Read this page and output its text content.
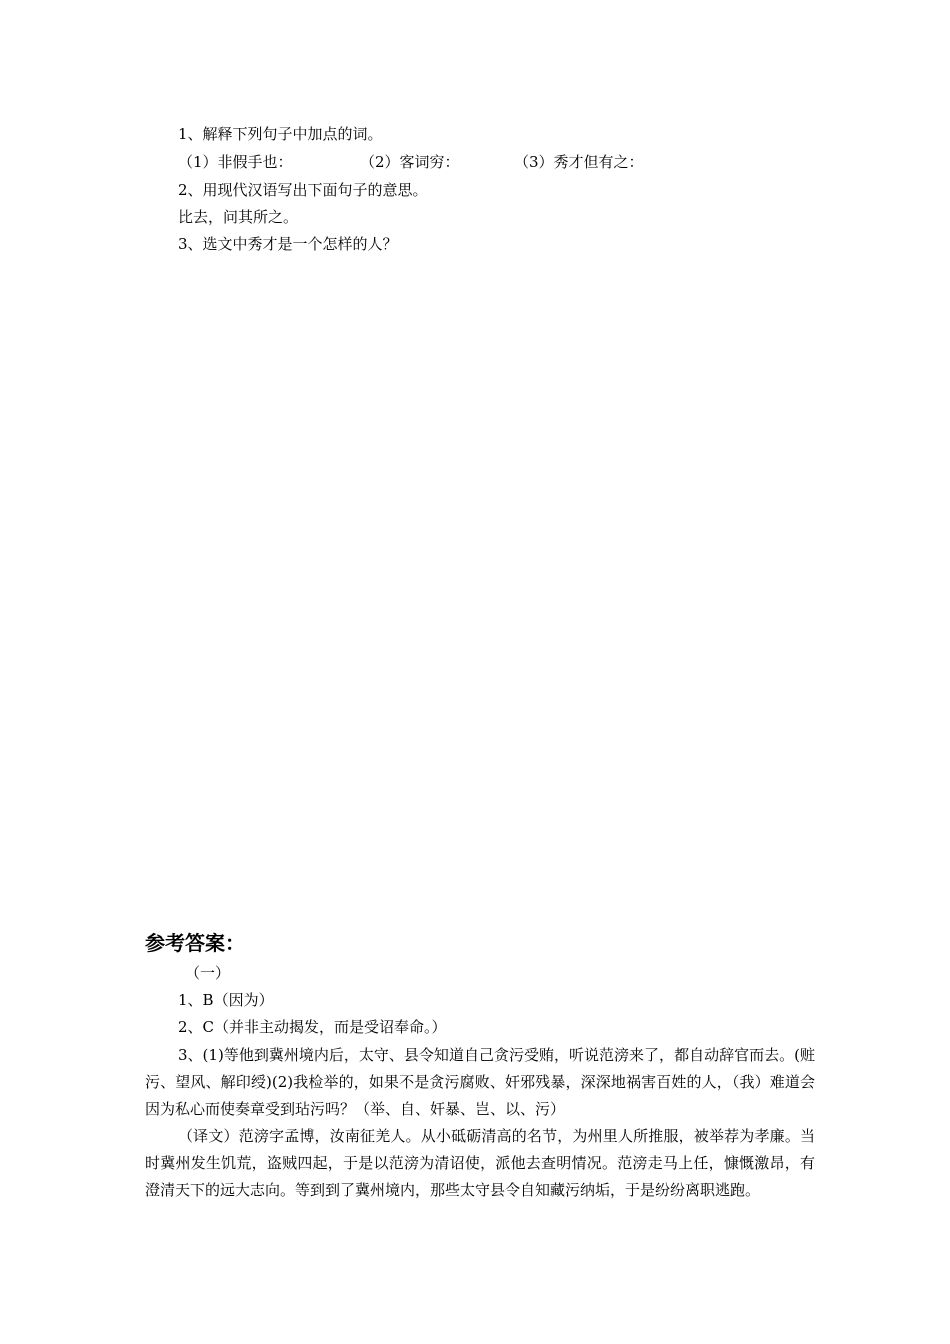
1、解释下列句子中加点的词。
（1）非假手也：	（2）客词穷：	（3）秀才但有之：
2、用现代汉语写出下面句子的意思。
比去，问其所之。
3、选文中秀才是一个怎样的人？
参考答案：
（一）
1、B（因为）
2、C（并非主动揭发，而是受诏奉命。）
3、(1)等他到冀州境内后，太守、县令知道自己贪污受贿，听说范滂来了，都自动辞官而去。(赃污、望风、解印绶)(2)我检举的，如果不是贪污腐败、奸邪残暴，深深地祸害百姓的人，（我）难道会因为私心而使奏章受到玷污吗？（举、自、奸暴、岂、以、污）
（译文）范滂字孟博，汝南征羌人。从小砥砺清高的名节，为州里人所推服，被举荐为孝廉。当时冀州发生饥荒，盗贼四起，于是以范滂为清诏使，派他去查明情况。范滂走马上任，慷慨激昂，有澄清天下的远大志向。等到到了冀州境内，那些太守县令自知藏污纳垢，于是纷纷离职逃跑。
